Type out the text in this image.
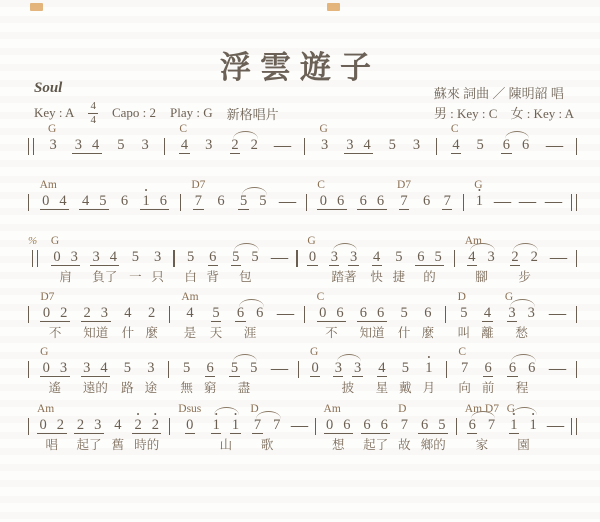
浮雲遊子
Soul
Key : A $\frac{4}{4}$ Capo : 2 Play : G 新格唱片
蘇來 詞曲 ／ 陳明韶 唱
男 : Key : C　女 : Key : A
G
3 3 4 5 3
C
4 3 2 2 —
G
3 3 4 5 3
C
4 5 6 6 —
Am
0 4 4 5 6 • 1 6
D7
7 6 5 5 —
C
0 6 6 6
D7
7 6 7
G
• 1 — — —
%	G
0 3
肩
3 4
負了
5
一
3
只
5
白
6
背
5 5
包
—
G
0 3 3
踏著
4
快
5
捷
6 5
的
Am
4 3
腳
2 2
步
—
D7
0 2
不
2 3
知道
4
什
2
麼
Am
4
是
5
天
6 6
涯
—
C
0 6
不
6 6
知道
5
什
6
麼
D
5
叫
4
離
G
3 3
愁
—
G
0 3
遙
3 4
遠的
5
路
3
途
5
無
6
窮
5 5
盡
—
G
0 3 3
披
4
星
5
戴
• 1
月
C
7
向
6
前
6 6
程
—
Am
0 2
唱
2 3
起了
4
舊
• 2 • 2
時的
Dsus
0 • 1 • 1
山
D
7 7
歌
—
Am
0 6
想
6 6
起了
D
7
故
6 5
鄉的
Am D7
6 7
家
G
• 1 • 1
園
—
